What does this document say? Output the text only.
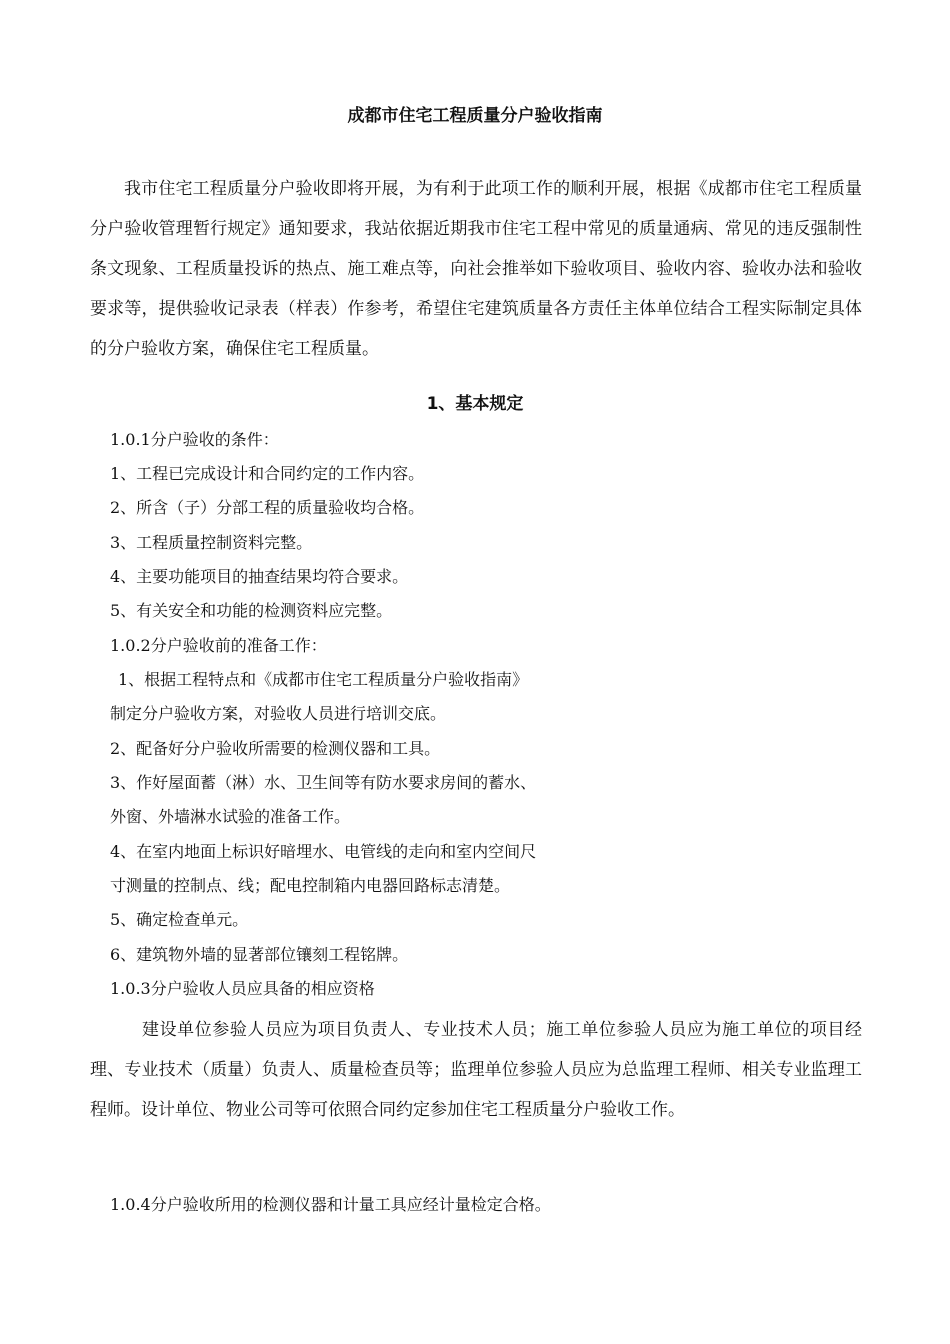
成都市住宅工程质量分户验收指南

我市住宅工程质量分户验收即将开展，为有利于此项工作的顺利开展，根据《成都市住宅工程质量分户验收管理暂行规定》通知要求，我站依据近期我市住宅工程中常见的质量通病、常见的违反强制性条文现象、工程质量投诉的热点、施工难点等，向社会推举如下验收项目、验收内容、验收办法和验收要求等，提供验收记录表（样表）作参考，希望住宅建筑质量各方责任主体单位结合工程实际制定具体的分户验收方案，确保住宅工程质量。

1、基本规定
1.0.1分户验收的条件：
1、工程已完成设计和合同约定的工作内容。
2、所含（子）分部工程的质量验收均合格。
3、工程质量控制资料完整。
4、主要功能项目的抽查结果均符合要求。
5、有关安全和功能的检测资料应完整。
1.0.2分户验收前的准备工作：
1、根据工程特点和《成都市住宅工程质量分户验收指南》
制定分户验收方案，对验收人员进行培训交底。
2、配备好分户验收所需要的检测仪器和工具。
3、作好屋面蓄（淋）水、卫生间等有防水要求房间的蓄水、
外窗、外墙淋水试验的准备工作。
4、在室内地面上标识好暗埋水、电管线的走向和室内空间尺
寸测量的控制点、线；配电控制箱内电器回路标志清楚。
5、确定检查单元。
6、建筑物外墙的显著部位镶刻工程铭牌。
1.0.3分户验收人员应具备的相应资格

建设单位参验人员应为项目负责人、专业技术人员；施工单位参验人员应为施工单位的项目经理、专业技术（质量）负责人、质量检查员等；监理单位参验人员应为总监理工程师、相关专业监理工程师。设计单位、物业公司等可依照合同约定参加住宅工程质量分户验收工作。

1.0.4分户验收所用的检测仪器和计量工具应经计量检定合格。
